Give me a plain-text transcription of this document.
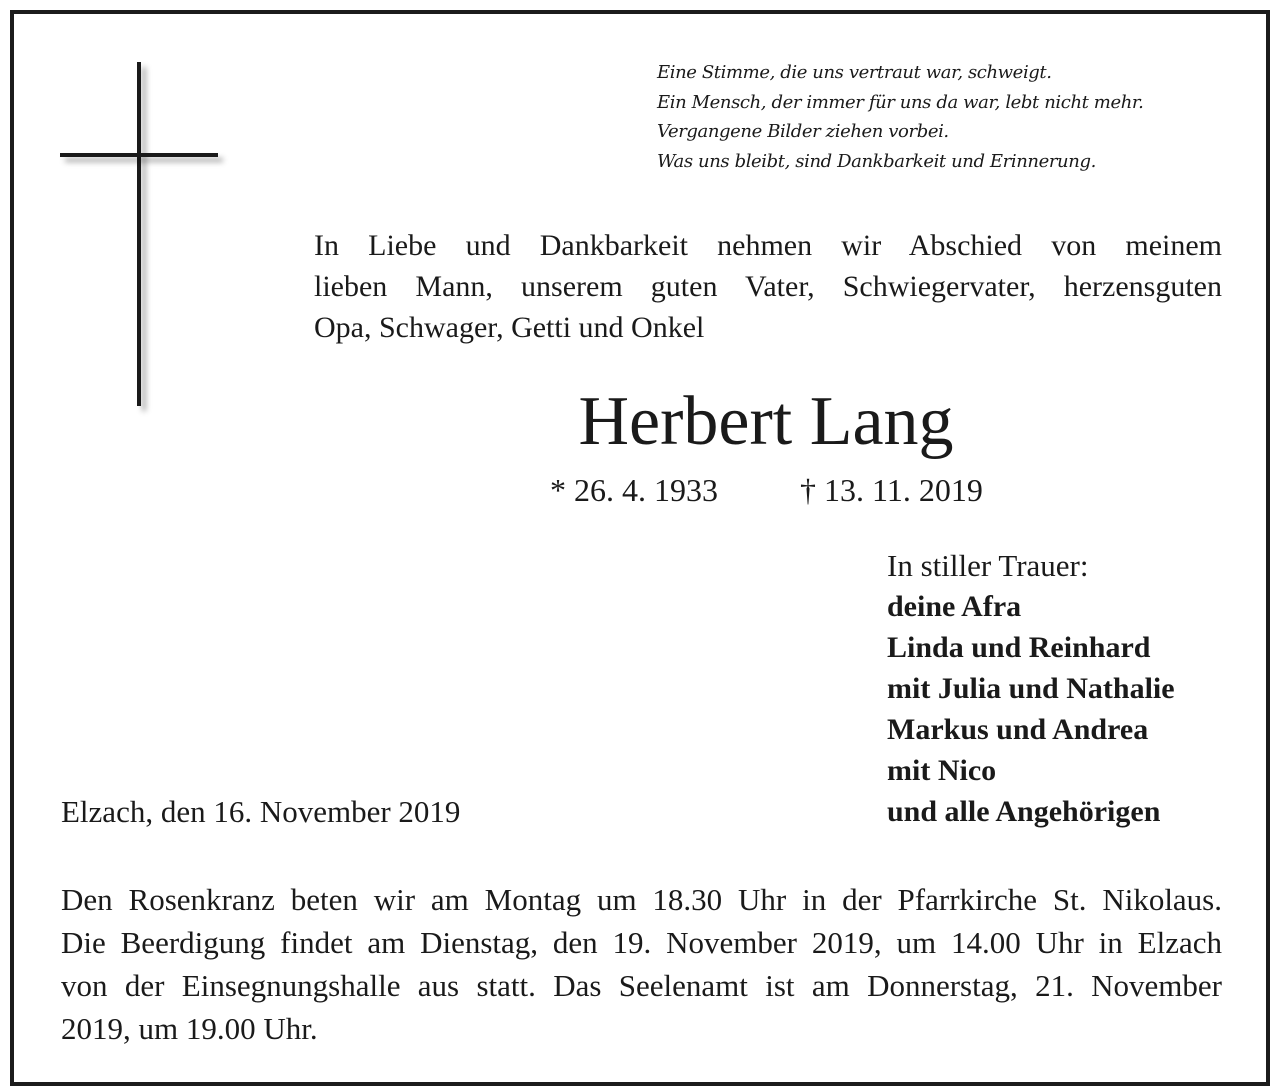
Eine Stimme, die uns vertraut war, schweigt.
Ein Mensch, der immer für uns da war, lebt nicht mehr.
Vergangene Bilder ziehen vorbei.
Was uns bleibt, sind Dankbarkeit und Erinnerung.
In Liebe und Dankbarkeit nehmen wir Abschied von meinem
lieben Mann, unserem guten Vater, Schwiegervater, herzensguten
Opa, Schwager, Getti und Onkel
Herbert Lang
* 26. 4. 1933	† 13. 11. 2019
In stiller Trauer:
deine Afra
Linda und Reinhard
mit Julia und Nathalie
Markus und Andrea
mit Nico
und alle Angehörigen
Elzach, den 16. November 2019
Den Rosenkranz beten wir am Montag um 18.30 Uhr in der Pfarrkirche St. Nikolaus.
Die Beerdigung findet am Dienstag, den 19. November 2019, um 14.00 Uhr in Elzach
von der Einsegnungshalle aus statt. Das Seelenamt ist am Donnerstag, 21. November
2019, um 19.00 Uhr.
